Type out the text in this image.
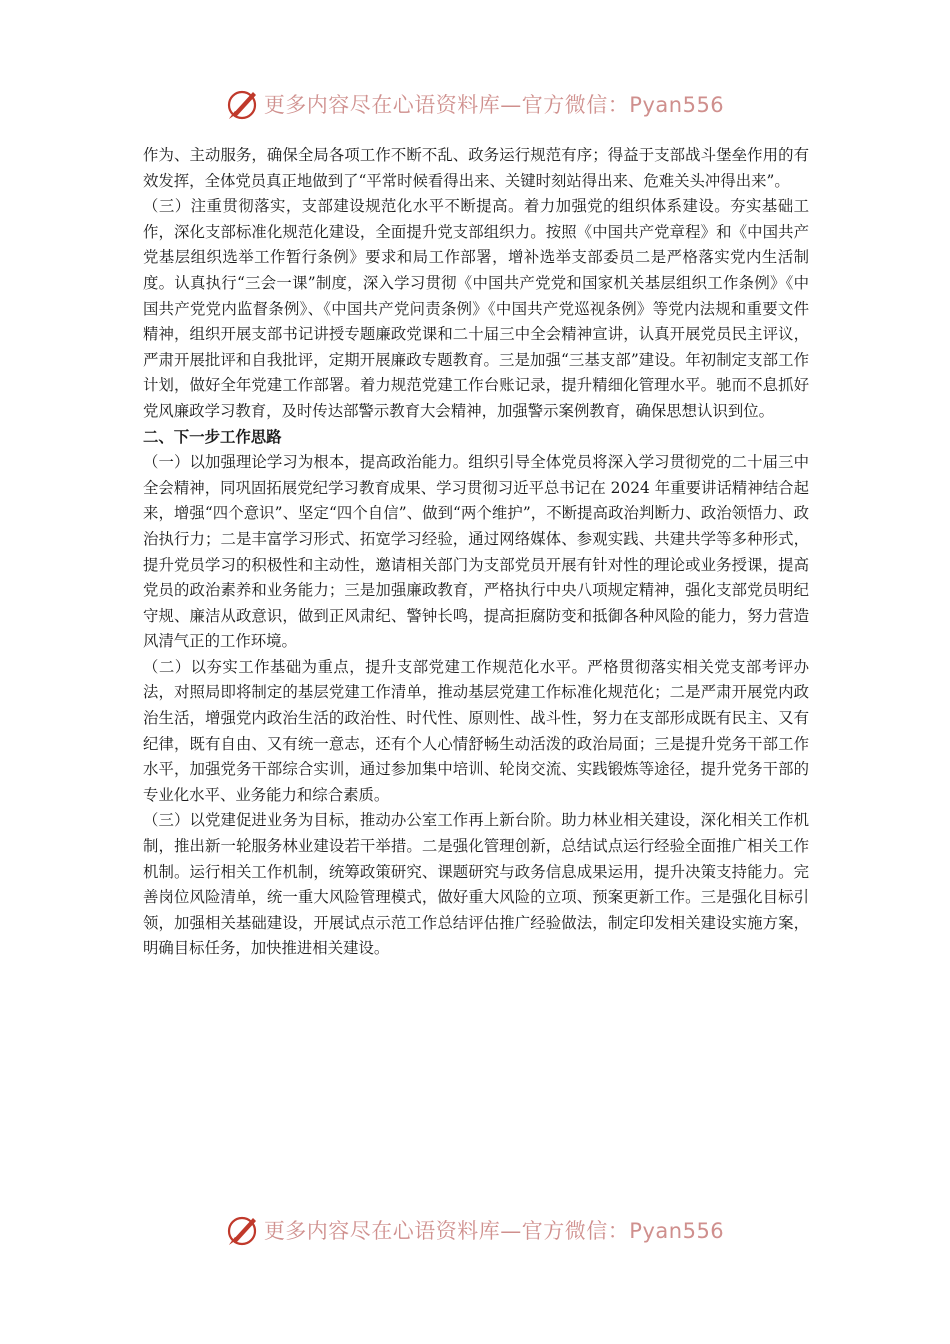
更多内容尽在心语资料库—官方微信：Pyan556

作为、主动服务，确保全局各项工作不断不乱、政务运行规范有序；得益于支部战斗堡垒作用的有效发挥，全体党员真正地做到了“平常时候看得出来、关键时刻站得出来、危难关头冲得出来”。

（三）注重贯彻落实，支部建设规范化水平不断提高。着力加强党的组织体系建设。夯实基础工作，深化支部标准化规范化建设，全面提升党支部组织力。按照《中国共产党章程》和《中国共产党基层组织选举工作暂行条例》要求和局工作部署，增补选举支部委员二是严格落实党内生活制度。认真执行“三会一课”制度，深入学习贯彻《中国共产党党和国家机关基层组织工作条例》《中国共产党党内监督条例》、《中国共产党问责条例》《中国共产党巡视条例》等党内法规和重要文件精神，组织开展支部书记讲授专题廉政党课和二十届三中全会精神宣讲，认真开展党员民主评议，严肃开展批评和自我批评，定期开展廉政专题教育。三是加强“三基支部”建设。年初制定支部工作计划，做好全年党建工作部署。着力规范党建工作台账记录，提升精细化管理水平。驰而不息抓好党风廉政学习教育，及时传达部警示教育大会精神，加强警示案例教育，确保思想认识到位。

二、下一步工作思路

（一）以加强理论学习为根本，提高政治能力。组织引导全体党员将深入学习贯彻党的二十届三中全会精神，同巩固拓展党纪学习教育成果、学习贯彻习近平总书记在 2024 年重要讲话精神结合起来，增强“四个意识”、坚定“四个自信”、做到“两个维护”，不断提高政治判断力、政治领悟力、政治执行力；二是丰富学习形式、拓宽学习经验，通过网络媒体、参观实践、共建共学等多种形式，提升党员学习的积极性和主动性，邀请相关部门为支部党员开展有针对性的理论或业务授课，提高党员的政治素养和业务能力；三是加强廉政教育，严格执行中央八项规定精神，强化支部党员明纪守规、廉洁从政意识，做到正风肃纪、警钟长鸣，提高拒腐防变和抵御各种风险的能力，努力营造风清气正的工作环境。

（二）以夯实工作基础为重点，提升支部党建工作规范化水平。严格贯彻落实相关党支部考评办法，对照局即将制定的基层党建工作清单，推动基层党建工作标准化规范化；二是严肃开展党内政治生活，增强党内政治生活的政治性、时代性、原则性、战斗性，努力在支部形成既有民主、又有纪律，既有自由、又有统一意志，还有个人心情舒畅生动活泼的政治局面；三是提升党务干部工作水平，加强党务干部综合实训，通过参加集中培训、轮岗交流、实践锻炼等途径，提升党务干部的专业化水平、业务能力和综合素质。

（三）以党建促进业务为目标，推动办公室工作再上新台阶。助力林业相关建设，深化相关工作机制，推出新一轮服务林业建设若干举措。二是强化管理创新，总结试点运行经验全面推广相关工作机制。运行相关工作机制，统筹政策研究、课题研究与政务信息成果运用，提升决策支持能力。完善岗位风险清单，统一重大风险管理模式，做好重大风险的立项、预案更新工作。三是强化目标引领，加强相关基础建设，开展试点示范工作总结评估推广经验做法，制定印发相关建设实施方案，明确目标任务，加快推进相关建设。

更多内容尽在心语资料库—官方微信：Pyan556
